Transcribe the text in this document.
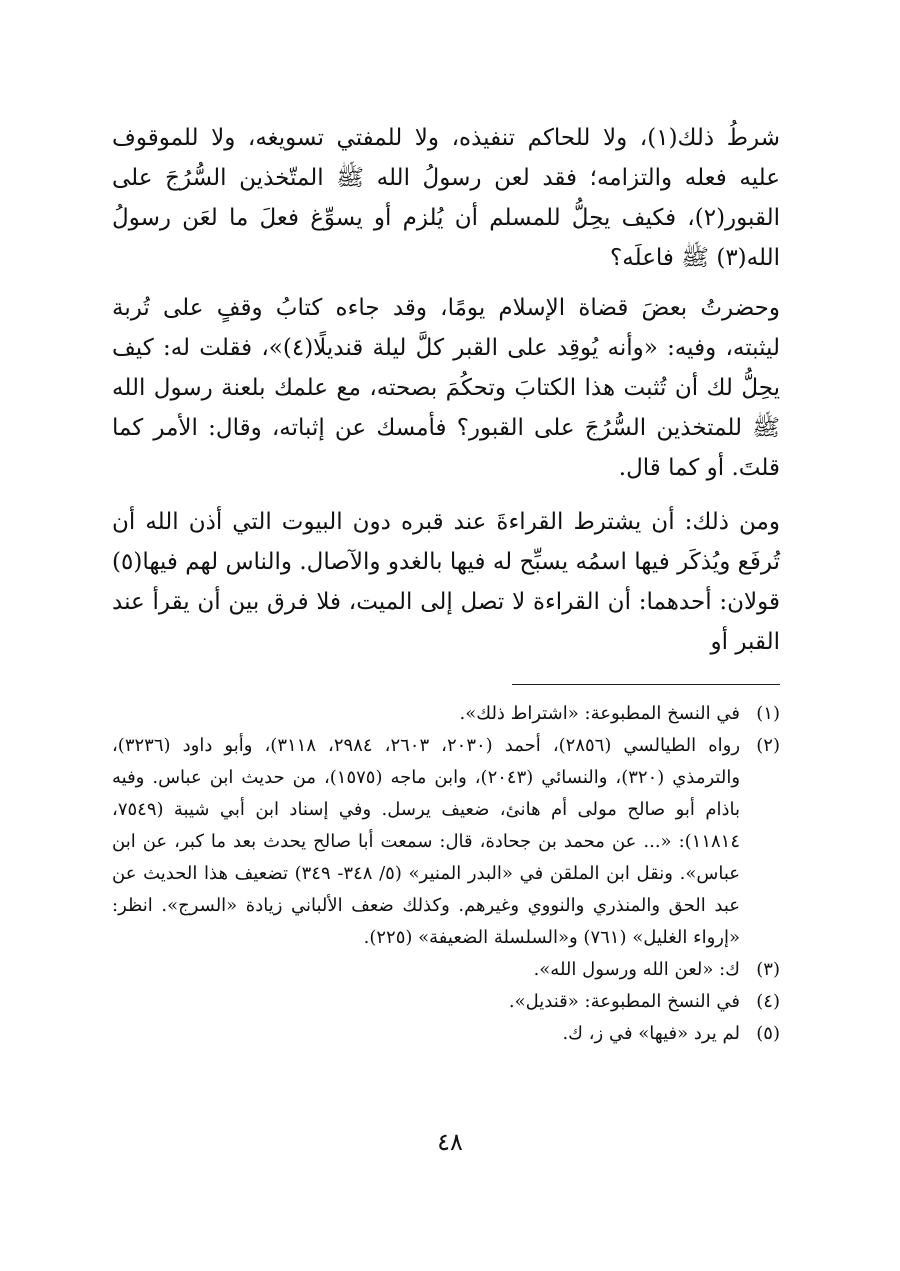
شرطُ ذلك(١)، ولا للحاكم تنفيذه، ولا للمفتي تسويغه، ولا للموقوف عليه فعله والتزامه؛ فقد لعن رسولُ الله ﷺ المتّخذين السُّرُجَ على القبور(٢)، فكيف يحِلُّ للمسلم أن يُلزم أو يسوِّغ فعلَ ما لعَن رسولُ الله(٣) ﷺ فاعلَه؟

وحضرتُ بعضَ قضاة الإسلام يومًا، وقد جاءه كتابُ وقفٍ على تُربة ليثبته، وفيه: «وأنه يُوقِد على القبر كلَّ ليلة قنديلًا(٤)»، فقلت له: كيف يحِلُّ لك أن تُثبت هذا الكتابَ وتحكُمَ بصحته، مع علمك بلعنة رسول الله ﷺ للمتخذين السُّرُجَ على القبور؟ فأمسك عن إثباته، وقال: الأمر كما قلتَ. أو كما قال.

ومن ذلك: أن يشترط القراءةَ عند قبره دون البيوت التي أذن الله أن تُرفَع ويُذكَر فيها اسمُه يسبِّح له فيها بالغدو والآصال. والناس لهم فيها(٥) قولان: أحدهما: أن القراءة لا تصل إلى الميت، فلا فرق بين أن يقرأ عند القبر أو

(١)
في النسخ المطبوعة: «اشتراط ذلك».
(٢)
رواه الطيالسي (٢٨٥٦)، أحمد (٢٠٣٠، ٢٦٠٣، ٢٩٨٤، ٣١١٨)، وأبو داود (٣٢٣٦)، والترمذي (٣٢٠)، والنسائي (٢٠٤٣)، وابن ماجه (١٥٧٥)، من حديث ابن عباس. وفيه باذام أبو صالح مولى أم هانئ، ضعيف يرسل. وفي إسناد ابن أبي شيبة (٧٥٤٩، ١١٨١٤): «... عن محمد بن جحادة، قال: سمعت أبا صالح يحدث بعد ما كبر، عن ابن عباس». ونقل ابن الملقن في «البدر المنير» (٥/ ٣٤٨- ٣٤٩) تضعيف هذا الحديث عن عبد الحق والمنذري والنووي وغيرهم. وكذلك ضعف الألباني زيادة «السرج». انظر: «إرواء الغليل» (٧٦١) و«السلسلة الضعيفة» (٢٢٥).
(٣)
ك: «لعن الله ورسول الله».
(٤)
في النسخ المطبوعة: «قنديل».
(٥)
لم يرد «فيها» في ز، ك.
٤٨
